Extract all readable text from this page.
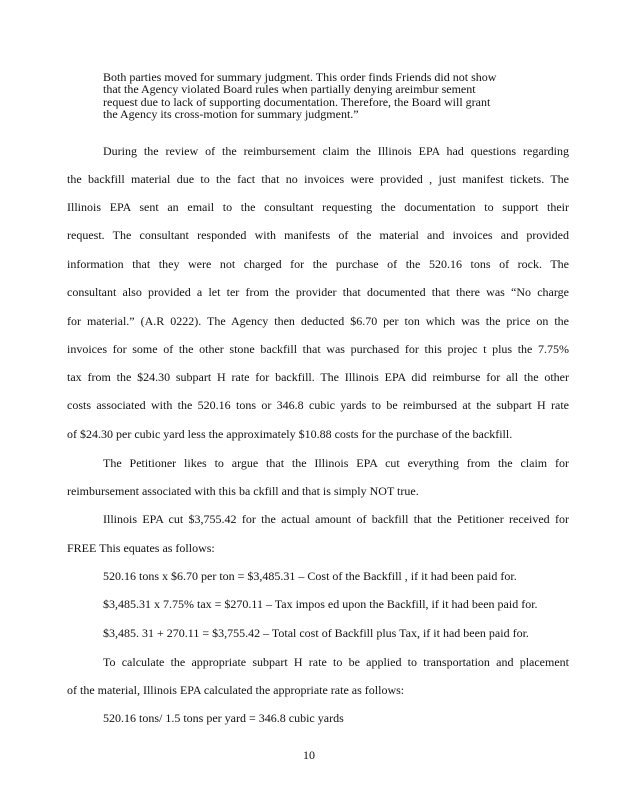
Both parties moved for summary judgment. This order finds Friends did not show
that the Agency violated Board rules when partially denying areimbur sement
request due to lack of supporting documentation. Therefore, the Board will grant
the Agency its cross-motion for summary judgment.”
During the review of the reimbursement claim the Illinois EPA had questions regarding
the backfill material due to the fact that no invoices were provided , just manifest tickets. The
Illinois EPA sent an email to the consultant requesting the documentation to support their
request. The consultant responded with manifests of the material and invoices and provided
information that they were not charged for the purchase of the 520.16 tons of rock. The
consultant also provided a let ter from the provider that documented that there was “No charge
for material.” (A.R 0222). The Agency then deducted $6.70 per ton which was the price on the
invoices for some of the other stone backfill that was purchased for this projec t plus the 7.75%
tax from the $24.30 subpart H rate for backfill. The Illinois EPA did reimburse for all the other
costs associated with the 520.16 tons or 346.8 cubic yards to be reimbursed at the subpart H rate
of $24.30 per cubic yard less the approximately $10.88 costs for the purchase of the backfill.
The Petitioner likes to argue that the Illinois EPA cut everything from the claim for
reimbursement associated with this ba ckfill and that is simply NOT true.
Illinois EPA cut $3,755.42 for the actual amount of backfill that the Petitioner received for
FREE This equates as follows:
520.16 tons x $6.70 per ton = $3,485.31 – Cost of the Backfill , if it had been paid for.
$3,485.31 x 7.75% tax = $270.11 – Tax impos ed upon the Backfill, if it had been paid for.
$3,485. 31 + 270.11 = $3,755.42 – Total cost of Backfill plus Tax, if it had been paid for.
To calculate the appropriate subpart H rate to be applied to transportation and placement
of the material, Illinois EPA calculated the appropriate rate as follows:
520.16 tons/ 1.5 tons per yard = 346.8 cubic yards
10
